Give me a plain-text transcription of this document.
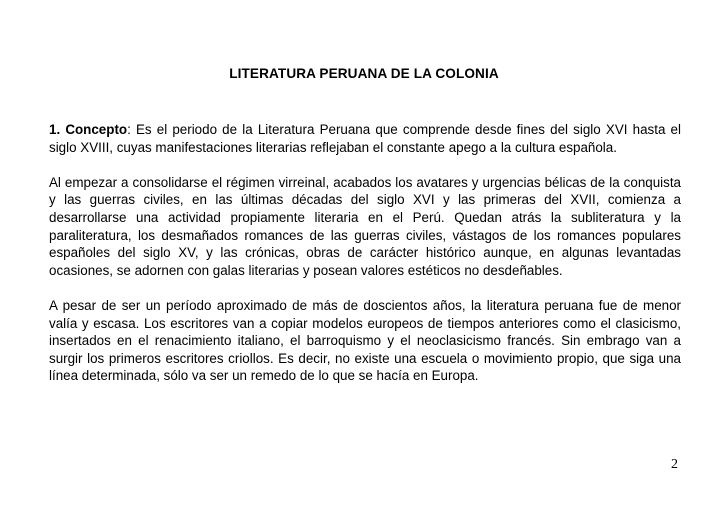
LITERATURA PERUANA DE LA COLONIA

1. Concepto: Es el periodo de la Literatura Peruana que comprende desde fines del siglo XVI hasta el siglo XVIII, cuyas manifestaciones literarias reflejaban el constante apego a la cultura española.

Al empezar a consolidarse el régimen virreinal, acabados los avatares y urgencias bélicas de la conquista y las guerras civiles, en las últimas décadas del siglo XVI y las primeras del XVII, comienza a desarrollarse una actividad propiamente literaria en el Perú. Quedan atrás la subliteratura y la paraliteratura, los desmañados romances de las guerras civiles, vástagos de los romances populares españoles del siglo XV, y las crónicas, obras de carácter histórico aunque, en algunas levantadas ocasiones, se adornen con galas literarias y posean valores estéticos no desdeñables.

A pesar de ser un período aproximado de más de doscientos años, la literatura peruana fue de menor valía y escasa. Los escritores van a copiar modelos europeos de tiempos anteriores como el clasicismo, insertados en el renacimiento italiano, el barroquismo y el neoclasicismo francés. Sin embrago van a surgir los primeros escritores criollos. Es decir, no existe una escuela o movimiento propio, que siga una línea determinada, sólo va ser un remedo de lo que se hacía en Europa.

2
